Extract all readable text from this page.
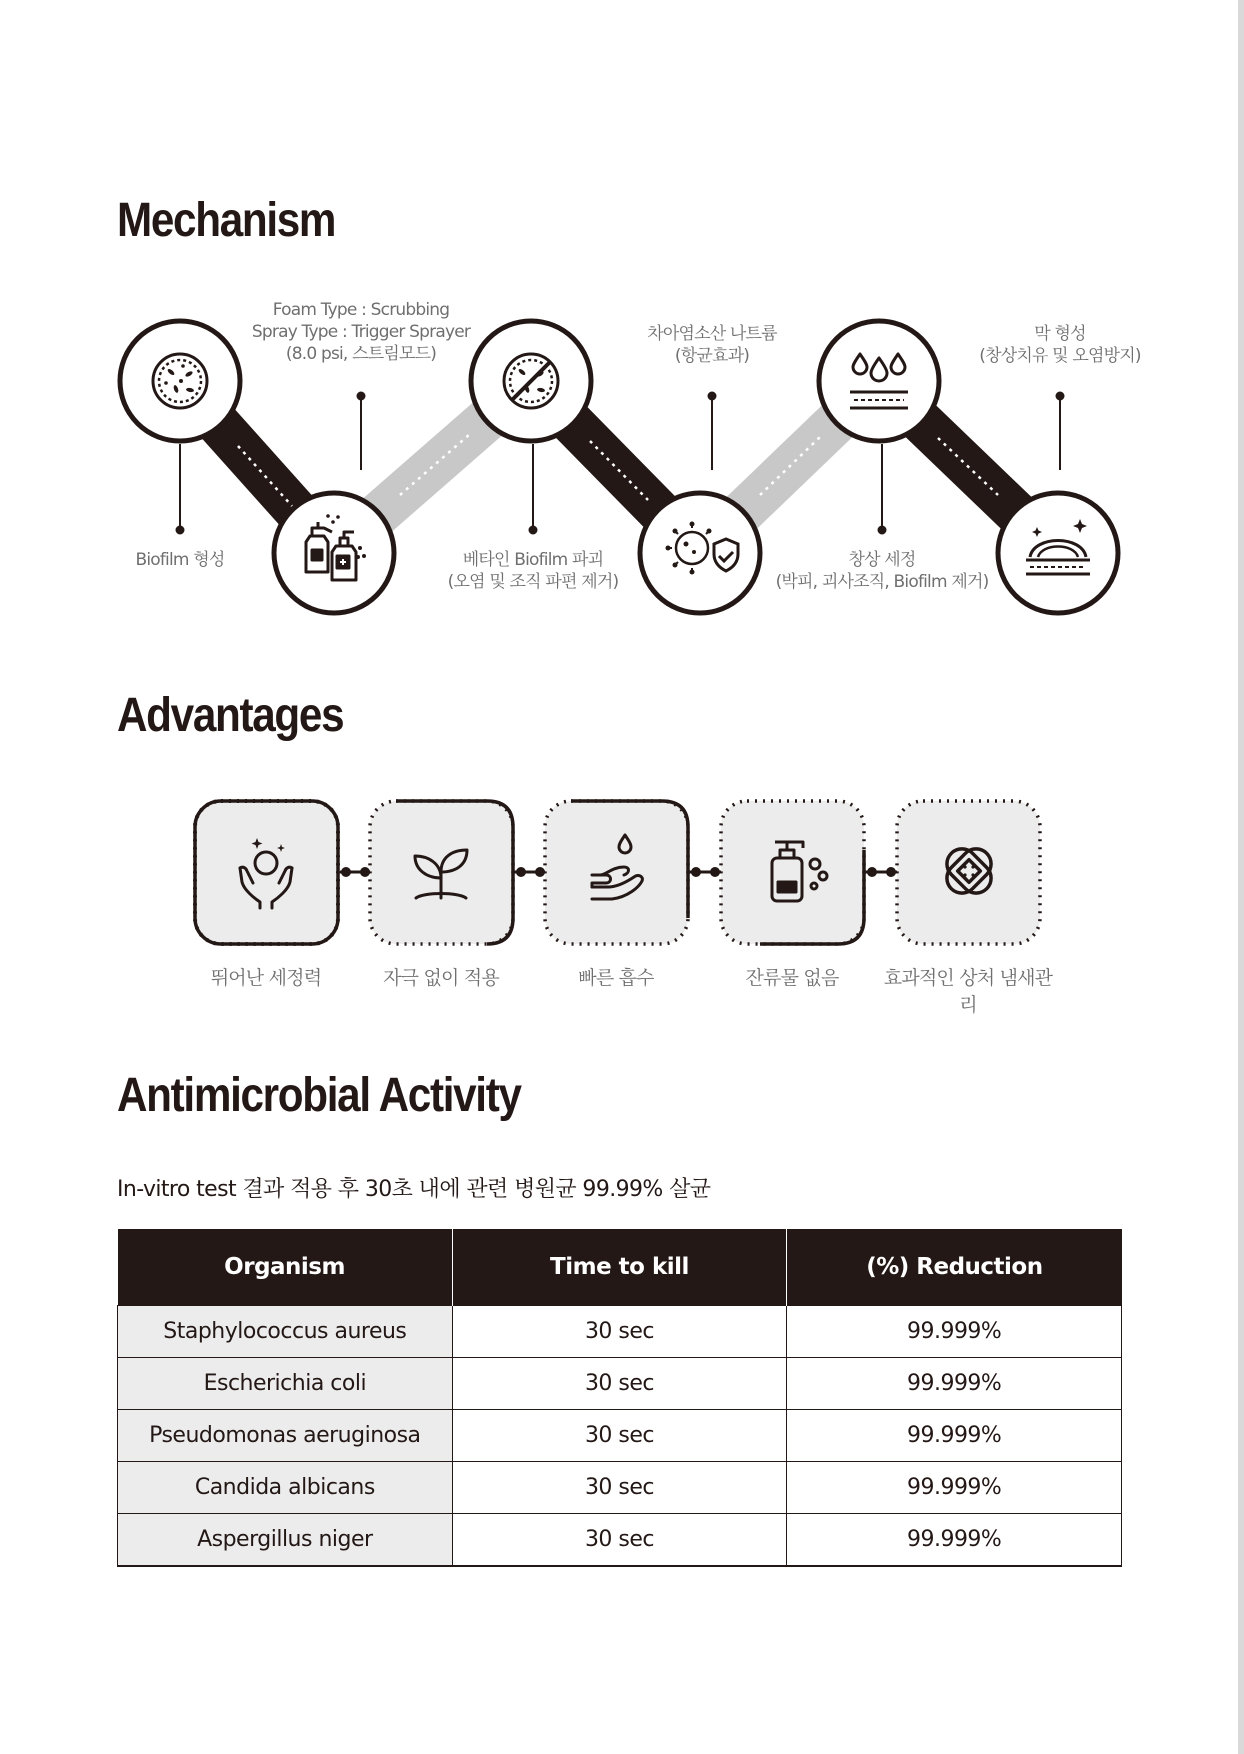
Mechanism
Biofilm 형성
Foam Type : Scrubbing
Spray Type : Trigger Sprayer
(8.0 psi, 스트림모드)
베타인 Biofilm 파괴
(오염 및 조직 파편 제거)
차아염소산 나트륨
(항균효과)
창상 세정
(박피, 괴사조직, Biofilm 제거)
막 형성
(창상치유 및 오염방지)
Advantages
뛰어난 세정력	자극 없이 적용	빠른 흡수	잔류물 없음	효과적인 상처 냄새관리
Antimicrobial Activity
In-vitro test 결과 적용 후 30초 내에 관련 병원균 99.99% 살균
Organism	Time to kill	(%) Reduction
Staphylococcus aureus	30 sec	99.999%
Escherichia coli	30 sec	99.999%
Pseudomonas aeruginosa	30 sec	99.999%
Candida albicans	30 sec	99.999%
Aspergillus niger	30 sec	99.999%
